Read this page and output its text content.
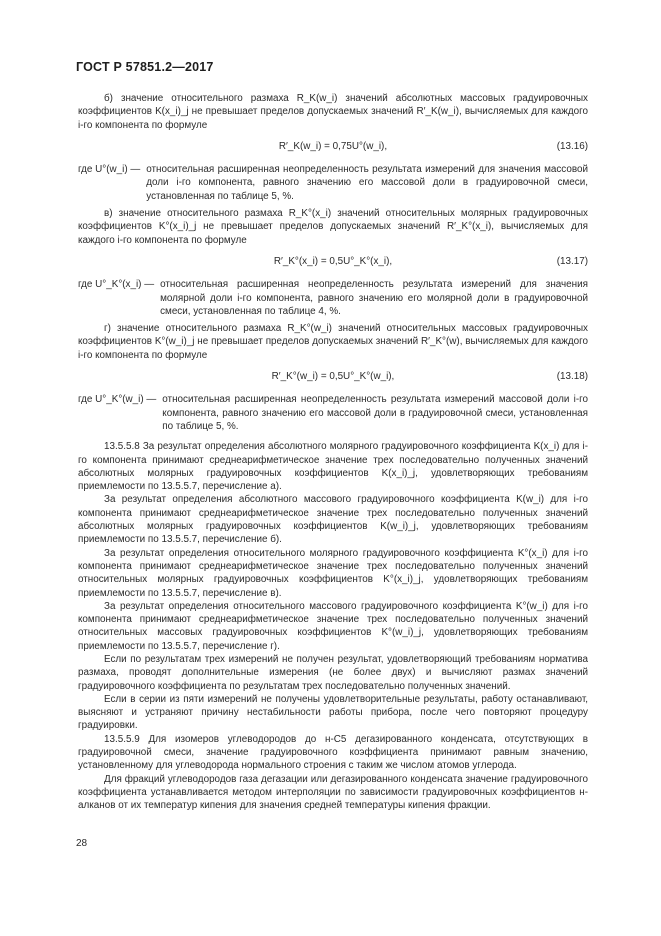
ГОСТ Р 57851.2—2017

б) значение относительного размаха R_K(w_i) значений абсолютных массовых градуировочных коэффициентов K(x_i)_j не превышает пределов допускаемых значений R′_K(w_i), вычисляемых для каждого i-го компонента по формуле

R′_K(w_i) = 0,75U°(w_i),	(13.16)
где U°(w_i) — относительная расширенная неопределенность результата измерений для значения массовой доли i-го компонента, равного значению его массовой доли в градуировочной смеси, установленная по таблице 5, %.

в) значение относительного размаха R_K°(x_i) значений относительных молярных градуировочных коэффициентов K°(x_i)_j не превышает пределов допускаемых значений R′_K°(x_i), вычисляемых для каждого i-го компонента по формуле

R′_K°(x_i) = 0,5U°_K°(x_i),	(13.17)
где U°_K°(x_i) — относительная расширенная неопределенность результата измерений для значения молярной доли i-го компонента, равного значению его молярной доли в градуировочной смеси, установленная по таблице 4, %.

г) значение относительного размаха R_K°(w_i) значений относительных массовых градуировочных коэффициентов K°(w_i)_j не превышает пределов допускаемых значений R′_K°(w), вычисляемых для каждого i-го компонента по формуле

R′_K°(w_i) = 0,5U°_K°(w_i),	(13.18)
где U°_K°(w_i) — относительная расширенная неопределенность результата измерений массовой доли i-го компонента, равного значению его массовой доли в градуировочной смеси, установленная по таблице 5, %.

13.5.5.8 За результат определения абсолютного молярного градуировочного коэффициента K(x_i) для i-го компонента принимают среднеарифметическое значение трех последовательно полученных значений абсолютных молярных градуировочных коэффициентов K(x_i)_j, удовлетворяющих требованиям приемлемости по 13.5.5.7, перечисление а).

За результат определения абсолютного массового градуировочного коэффициента K(w_i) для i-го компонента принимают среднеарифметическое значение трех последовательно полученных значений абсолютных молярных градуировочных коэффициентов K(w_i)_j, удовлетворяющих требованиям приемлемости по 13.5.5.7, перечисление б).

За результат определения относительного молярного градуировочного коэффициента K°(x_i) для i-го компонента принимают среднеарифметическое значение трех последовательно полученных значений относительных молярных градуировочных коэффициентов K°(x_i)_j, удовлетворяющих требованиям приемлемости по 13.5.5.7, перечисление в).

За результат определения относительного массового градуировочного коэффициента K°(w_i) для i-го компонента принимают среднеарифметическое значение трех последовательно полученных значений относительных массовых градуировочных коэффициентов K°(w_i)_j, удовлетворяющих требованиям приемлемости по 13.5.5.7, перечисление г).

Если по результатам трех измерений не получен результат, удовлетворяющий требованиям норматива размаха, проводят дополнительные измерения (не более двух) и вычисляют размах значений градуировочного коэффициента по результатам трех последовательно полученных значений.

Если в серии из пяти измерений не получены удовлетворительные результаты, работу останавливают, выясняют и устраняют причину нестабильности работы прибора, после чего повторяют процедуру градуировки.

13.5.5.9 Для изомеров углеводородов до н-C5 дегазированного конденсата, отсутствующих в градуировочной смеси, значение градуировочного коэффициента принимают равным значению, установленному для углеводорода нормального строения с таким же числом атомов углерода.

Для фракций углеводородов газа дегазации или дегазированного конденсата значение градуировочного коэффициента устанавливается методом интерполяции по зависимости градуировочных коэффициентов н-алканов от их температур кипения для значения средней температуры кипения фракции.

28
